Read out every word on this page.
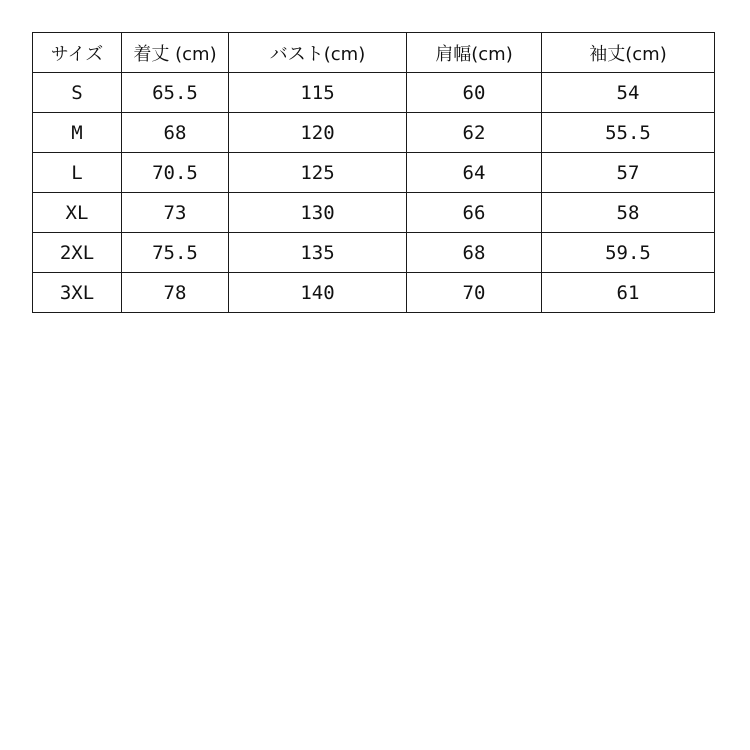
サイズ	着丈 (cm)	バスト(cm)	肩幅(cm)	袖丈(cm)
S	65.5	115	60	54
M	68	120	62	55.5
L	70.5	125	64	57
XL	73	130	66	58
2XL	75.5	135	68	59.5
3XL	78	140	70	61
